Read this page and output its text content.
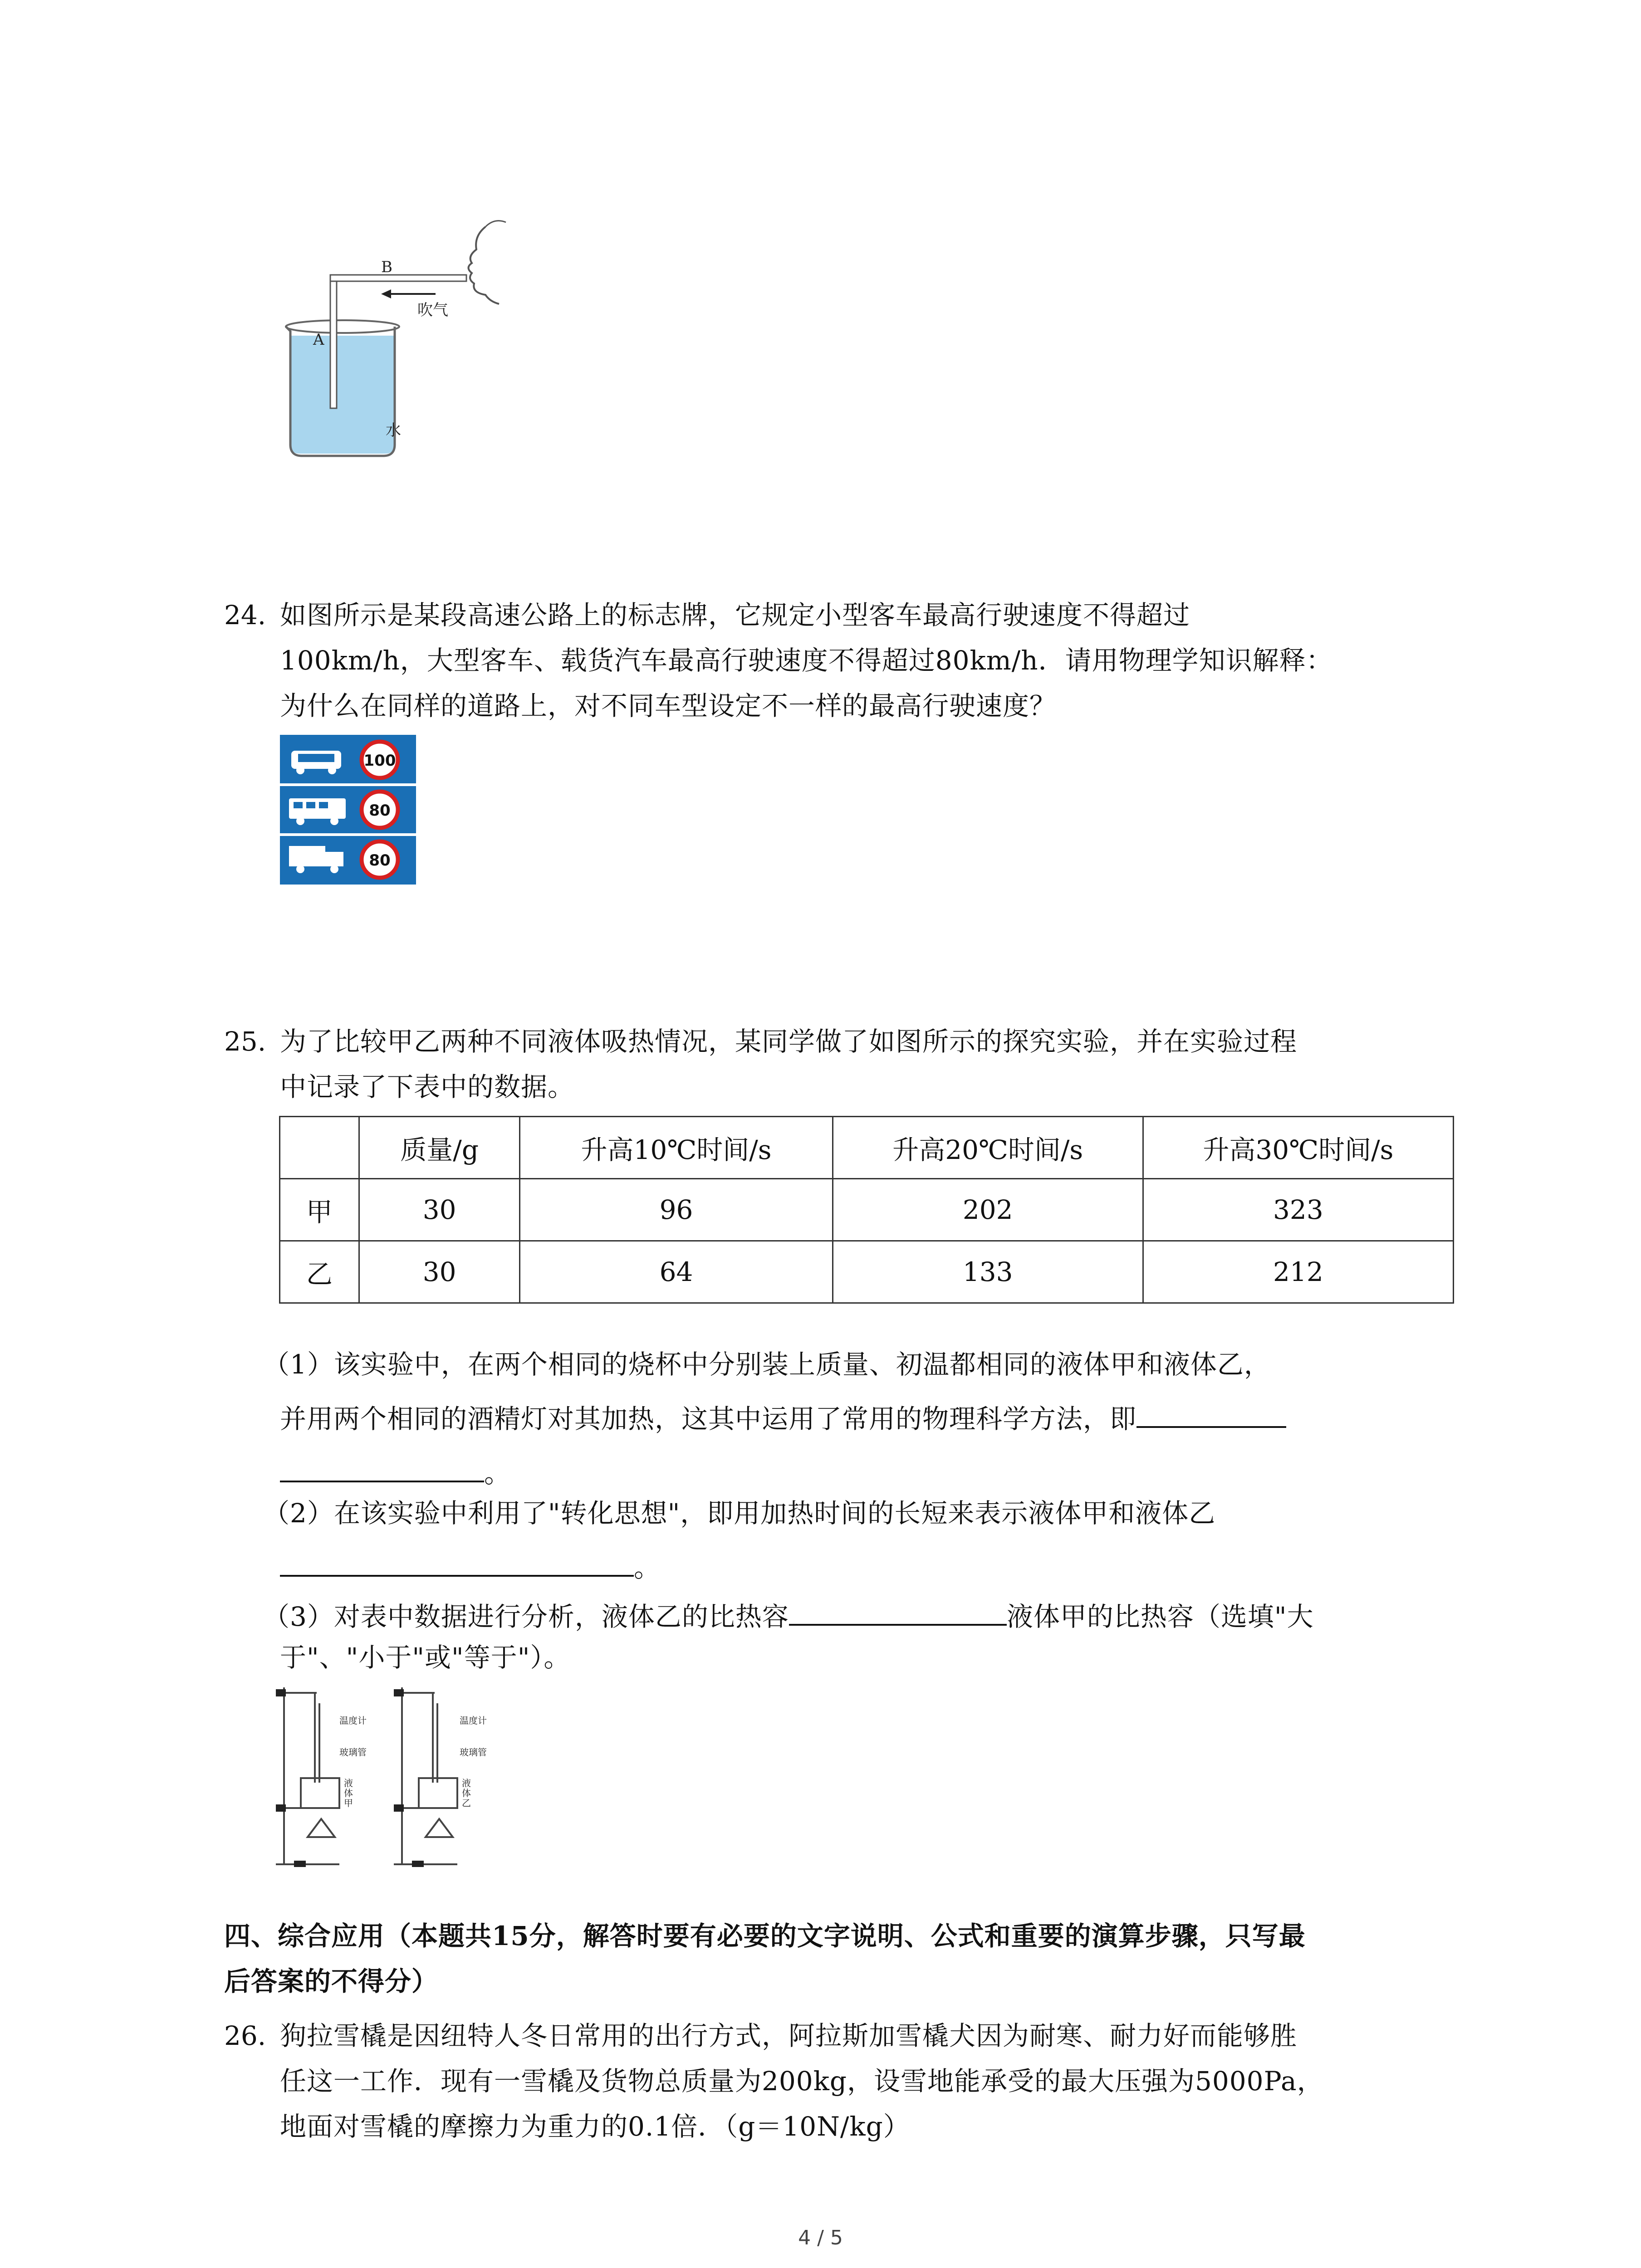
B
A
吹气
水
24. 如图所示是某段高速公路上的标志牌，它规定小型客车最高行驶速度不得超过
100km/h，大型客车、载货汽车最高行驶速度不得超过80km/h．请用物理学知识解释：
为什么在同样的道路上，对不同车型设定不一样的最高行驶速度？
100
80
80
25. 为了比较甲乙两种不同液体吸热情况，某同学做了如图所示的探究实验，并在实验过程
中记录了下表中的数据。
	质量/g	升高10℃时间/s	升高20℃时间/s	升高30℃时间/s
甲	30	96	202	323
乙	30	64	133	212
（1）该实验中，在两个相同的烧杯中分别装上质量、初温都相同的液体甲和液体乙，
并用两个相同的酒精灯对其加热，这其中运用了常用的物理科学方法，即
。
（2）在该实验中利用了"转化思想"，即用加热时间的长短来表示液体甲和液体乙
。
（3）对表中数据进行分析，液体乙的比热容	液体甲的比热容（选填"大
于"、"小于"或"等于"）。
温度计
玻璃管
液
体
甲
温度计
玻璃管
液
体
乙
四、综合应用（本题共15分，解答时要有必要的文字说明、公式和重要的演算步骤，只写最
后答案的不得分）
26. 狗拉雪橇是因纽特人冬日常用的出行方式，阿拉斯加雪橇犬因为耐寒、耐力好而能够胜
任这一工作．现有一雪橇及货物总质量为200kg，设雪地能承受的最大压强为5000Pa，
地面对雪橇的摩擦力为重力的0.1倍．（g＝10N/kg）
4 / 5
